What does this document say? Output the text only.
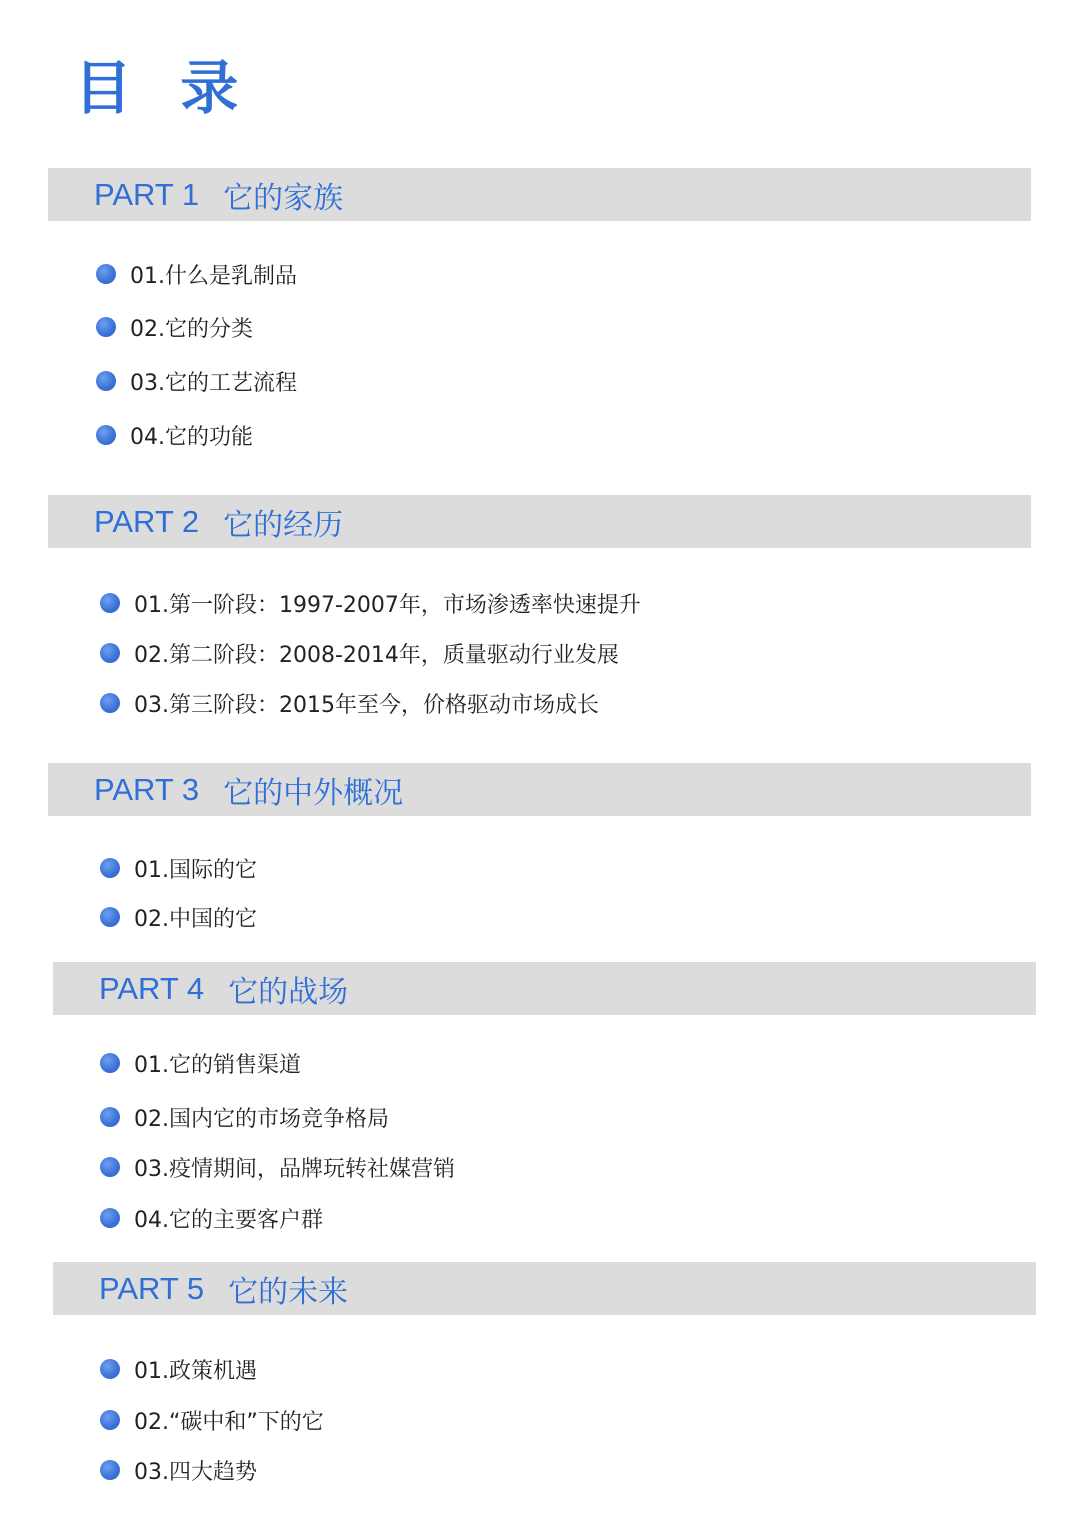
目 录
PART 1 它的家族
01.什么是乳制品
02.它的分类
03.它的工艺流程
04.它的功能
PART 2 它的经历
01.第一阶段：1997-2007年，市场渗透率快速提升
02.第二阶段：2008-2014年，质量驱动行业发展
03.第三阶段：2015年至今，价格驱动市场成长
PART 3 它的中外概况
01.国际的它
02.中国的它
PART 4 它的战场
01.它的销售渠道
02.国内它的市场竞争格局
03.疫情期间，品牌玩转社媒营销
04.它的主要客户群
PART 5 它的未来
01.政策机遇
02.“碳中和”下的它
03.四大趋势
